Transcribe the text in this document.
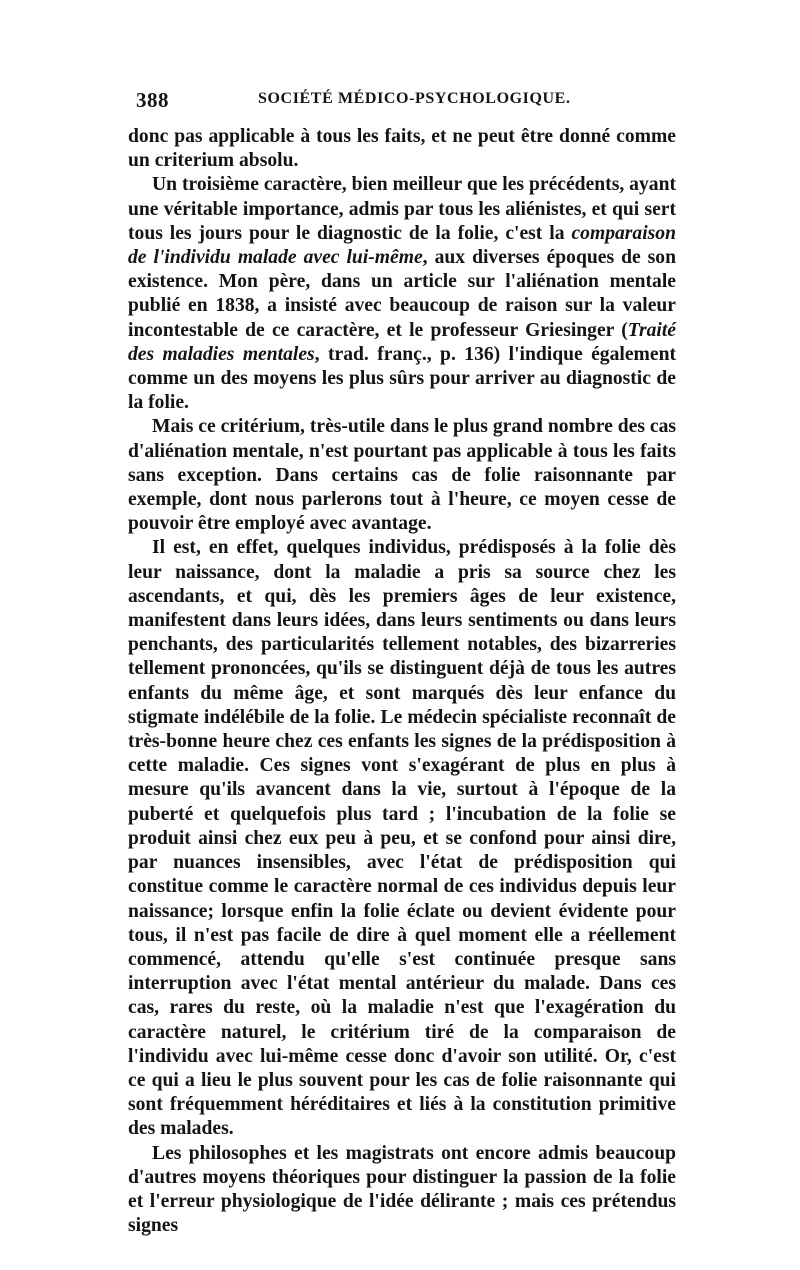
388	SOCIÉTÉ MÉDICO-PSYCHOLOGIQUE.

donc pas applicable à tous les faits, et ne peut être donné comme un criterium absolu.

Un troisième caractère, bien meilleur que les précédents, ayant une véritable importance, admis par tous les aliénistes, et qui sert tous les jours pour le diagnostic de la folie, c'est la comparaison de l'individu malade avec lui-même, aux diverses époques de son existence. Mon père, dans un article sur l'aliénation mentale publié en 1838, a insisté avec beaucoup de raison sur la valeur incontestable de ce caractère, et le professeur Griesinger (Traité des maladies mentales, trad. franç., p. 136) l'indique également comme un des moyens les plus sûrs pour arriver au diagnostic de la folie.

Mais ce critérium, très-utile dans le plus grand nombre des cas d'aliénation mentale, n'est pourtant pas applicable à tous les faits sans exception. Dans certains cas de folie raisonnante par exemple, dont nous parlerons tout à l'heure, ce moyen cesse de pouvoir être employé avec avantage.

Il est, en effet, quelques individus, prédisposés à la folie dès leur naissance, dont la maladie a pris sa source chez les ascendants, et qui, dès les premiers âges de leur existence, manifestent dans leurs idées, dans leurs sentiments ou dans leurs penchants, des particularités tellement notables, des bizarreries tellement prononcées, qu'ils se distinguent déjà de tous les autres enfants du même âge, et sont marqués dès leur enfance du stigmate indélébile de la folie. Le médecin spécialiste reconnaît de très-bonne heure chez ces enfants les signes de la prédisposition à cette maladie. Ces signes vont s'exagérant de plus en plus à mesure qu'ils avancent dans la vie, surtout à l'époque de la puberté et quelquefois plus tard ; l'incubation de la folie se produit ainsi chez eux peu à peu, et se confond pour ainsi dire, par nuances insensibles, avec l'état de prédisposition qui constitue comme le caractère normal de ces individus depuis leur naissance; lorsque enfin la folie éclate ou devient évidente pour tous, il n'est pas facile de dire à quel moment elle a réellement commencé, attendu qu'elle s'est continuée presque sans interruption avec l'état mental antérieur du malade. Dans ces cas, rares du reste, où la maladie n'est que l'exagération du caractère naturel, le critérium tiré de la comparaison de l'individu avec lui-même cesse donc d'avoir son utilité. Or, c'est ce qui a lieu le plus souvent pour les cas de folie raisonnante qui sont fréquemment héréditaires et liés à la constitution primitive des malades.

Les philosophes et les magistrats ont encore admis beaucoup d'autres moyens théoriques pour distinguer la passion de la folie et l'erreur physiologique de l'idée délirante ; mais ces prétendus signes
